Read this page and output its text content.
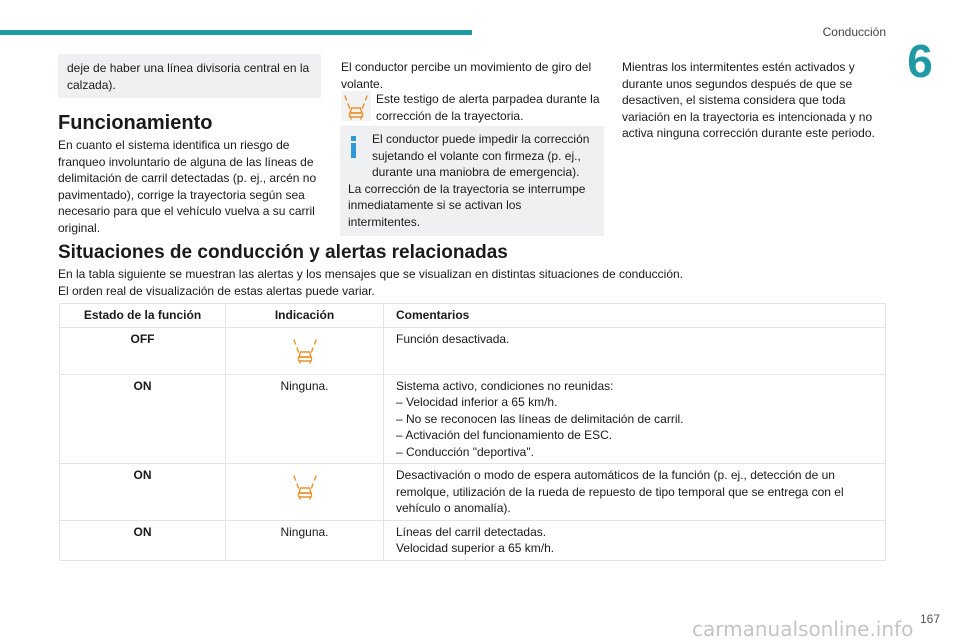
Conducción
6
deje de haber una línea divisoria central en la calzada).
Funcionamiento
En cuanto el sistema identifica un riesgo de franqueo involuntario de alguna de las líneas de delimitación de carril detectadas (p. ej., arcén no pavimentado), corrige la trayectoria según sea necesario para que el vehículo vuelva a su carril original.
El conductor percibe un movimiento de giro del volante.
Este testigo de alerta parpadea durante la corrección de la trayectoria.
El conductor puede impedir la corrección sujetando el volante con firmeza (p. ej., durante una maniobra de emergencia).
La corrección de la trayectoria se interrumpe inmediatamente si se activan los intermitentes.
Mientras los intermitentes estén activados y durante unos segundos después de que se desactiven, el sistema considera que toda variación en la trayectoria es intencionada y no activa ninguna corrección durante este periodo.
Situaciones de conducción y alertas relacionadas
En la tabla siguiente se muestran las alertas y los mensajes que se visualizan en distintas situaciones de conducción.
El orden real de visualización de estas alertas puede variar.
Estado de la función	Indicación	Comentarios
OFF		Función desactivada.

ON	Ninguna.	Sistema activo, condiciones no reunidas:
– Velocidad inferior a 65 km/h.
– No se reconocen las líneas de delimitación de carril.
– Activación del funcionamiento de ESC.
– Conducción "deportiva".

ON		Desactivación o modo de espera automáticos de la función (p. ej., detección de un remolque, utilización de la rueda de repuesto de tipo temporal que se entrega con el vehículo o anomalía).

ON	Ninguna.	Líneas del carril detectadas.
Velocidad superior a 65 km/h.
167
carmanualsonline.info
